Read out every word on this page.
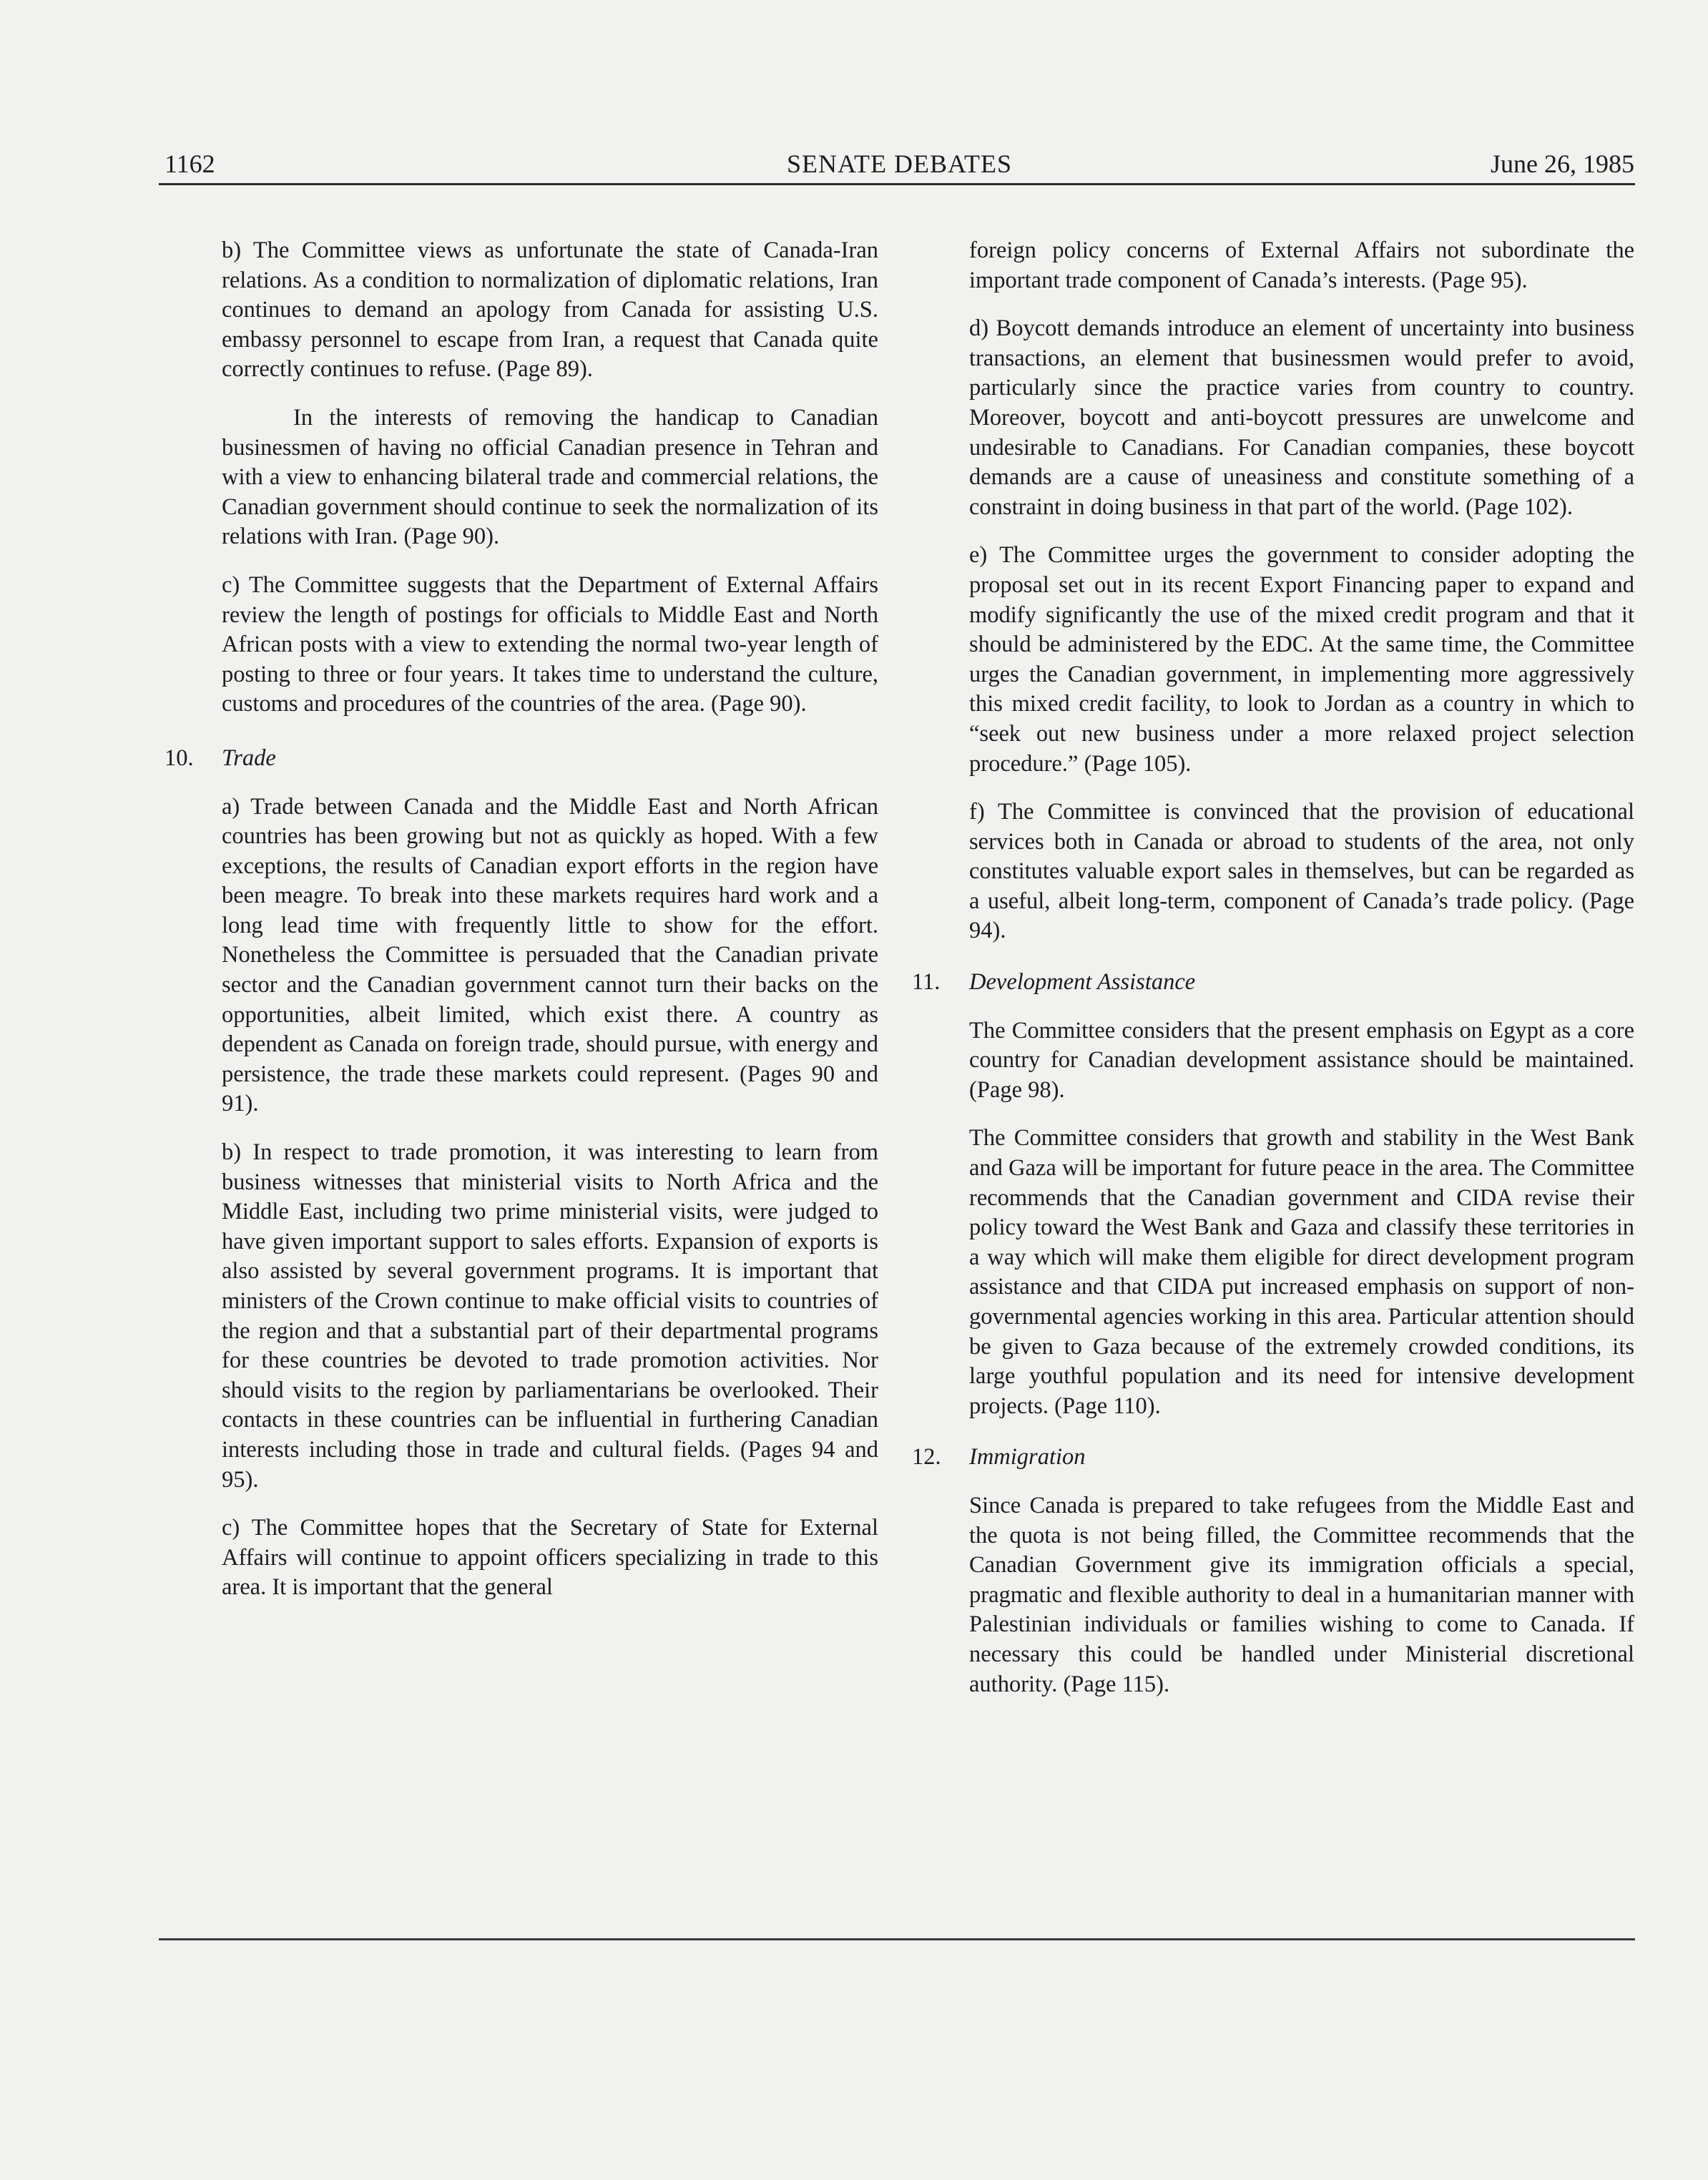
1162	SENATE DEBATES	June 26, 1985

b) The Committee views as unfortunate the state of Canada-Iran relations. As a condition to normalization of diplomatic relations, Iran continues to demand an apology from Canada for assisting U.S. embassy personnel to escape from Iran, a request that Canada quite correctly continues to refuse. (Page 89).

In the interests of removing the handicap to Canadian businessmen of having no official Canadian presence in Tehran and with a view to enhancing bilateral trade and commercial relations, the Canadian government should continue to seek the normalization of its relations with Iran. (Page 90).

c) The Committee suggests that the Department of External Affairs review the length of postings for officials to Middle East and North African posts with a view to extending the normal two-year length of posting to three or four years. It takes time to understand the culture, customs and procedures of the countries of the area. (Page 90).

10. Trade

a) Trade between Canada and the Middle East and North African countries has been growing but not as quickly as hoped. With a few exceptions, the results of Canadian export efforts in the region have been meagre. To break into these markets requires hard work and a long lead time with frequently little to show for the effort. Nonetheless the Committee is persuaded that the Canadian private sector and the Canadian government cannot turn their backs on the opportunities, albeit limited, which exist there. A country as dependent as Canada on foreign trade, should pursue, with energy and persistence, the trade these markets could represent. (Pages 90 and 91).

b) In respect to trade promotion, it was interesting to learn from business witnesses that ministerial visits to North Africa and the Middle East, including two prime ministerial visits, were judged to have given important support to sales efforts. Expansion of exports is also assisted by several government programs. It is important that ministers of the Crown continue to make official visits to countries of the region and that a substantial part of their departmental programs for these countries be devoted to trade promotion activities. Nor should visits to the region by parliamentarians be overlooked. Their contacts in these countries can be influential in furthering Canadian interests including those in trade and cultural fields. (Pages 94 and 95).

c) The Committee hopes that the Secretary of State for External Affairs will continue to appoint officers specializing in trade to this area. It is important that the general

foreign policy concerns of External Affairs not subordinate the important trade component of Canada’s interests. (Page 95).

d) Boycott demands introduce an element of uncertainty into business transactions, an element that businessmen would prefer to avoid, particularly since the practice varies from country to country. Moreover, boycott and anti-boycott pressures are unwelcome and undesirable to Canadians. For Canadian companies, these boycott demands are a cause of uneasiness and constitute something of a constraint in doing business in that part of the world. (Page 102).

e) The Committee urges the government to consider adopting the proposal set out in its recent Export Financing paper to expand and modify significantly the use of the mixed credit program and that it should be administered by the EDC. At the same time, the Committee urges the Canadian government, in implementing more aggressively this mixed credit facility, to look to Jordan as a country in which to “seek out new business under a more relaxed project selection procedure.” (Page 105).

f) The Committee is convinced that the provision of educational services both in Canada or abroad to students of the area, not only constitutes valuable export sales in themselves, but can be regarded as a useful, albeit long-term, component of Canada’s trade policy. (Page 94).

11. Development Assistance

The Committee considers that the present emphasis on Egypt as a core country for Canadian development assistance should be maintained. (Page 98).

The Committee considers that growth and stability in the West Bank and Gaza will be important for future peace in the area. The Committee recommends that the Canadian government and CIDA revise their policy toward the West Bank and Gaza and classify these territories in a way which will make them eligible for direct development program assistance and that CIDA put increased emphasis on support of non-governmental agencies working in this area. Particular attention should be given to Gaza because of the extremely crowded conditions, its large youthful population and its need for intensive development projects. (Page 110).

12. Immigration

Since Canada is prepared to take refugees from the Middle East and the quota is not being filled, the Committee recommends that the Canadian Government give its immigration officials a special, pragmatic and flexible authority to deal in a humanitarian manner with Palestinian individuals or families wishing to come to Canada. If necessary this could be handled under Ministerial discretional authority. (Page 115).
